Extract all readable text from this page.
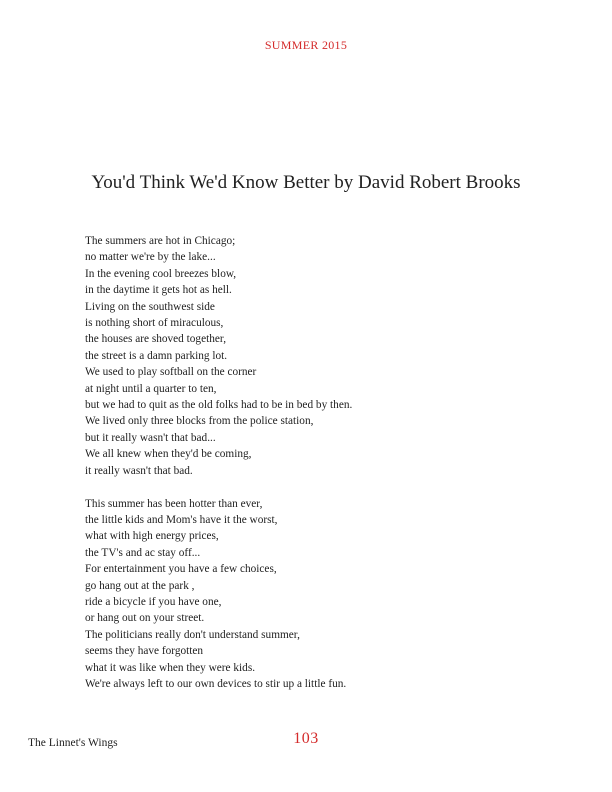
SUMMER 2015
You'd Think We'd Know Better by David Robert Brooks
The summers are hot in Chicago;
no matter we're by the lake...
In the evening cool breezes blow,
in the daytime it gets hot as hell.
Living on the southwest side
is nothing short of miraculous,
the houses are shoved together,
the street is a damn parking lot.
We used to play softball on the corner
at night until a quarter to ten,
but we had to quit as the old folks had to be in bed by then.
We lived only three blocks from the police station,
but it really wasn't that bad...
We all knew when they'd be coming,
it really wasn't that bad.
This summer has been hotter than ever,
the little kids and Mom's have it the worst,
what with high energy prices,
the TV's and ac stay off...
For entertainment you have a few choices,
go hang out at the park ,
ride a bicycle if you have one,
or hang out on your street.
The politicians really don't understand summer,
seems they have forgotten
what it was like when they were kids.
We're always left to our own devices to stir up a little fun.
The Linnet's Wings	103
